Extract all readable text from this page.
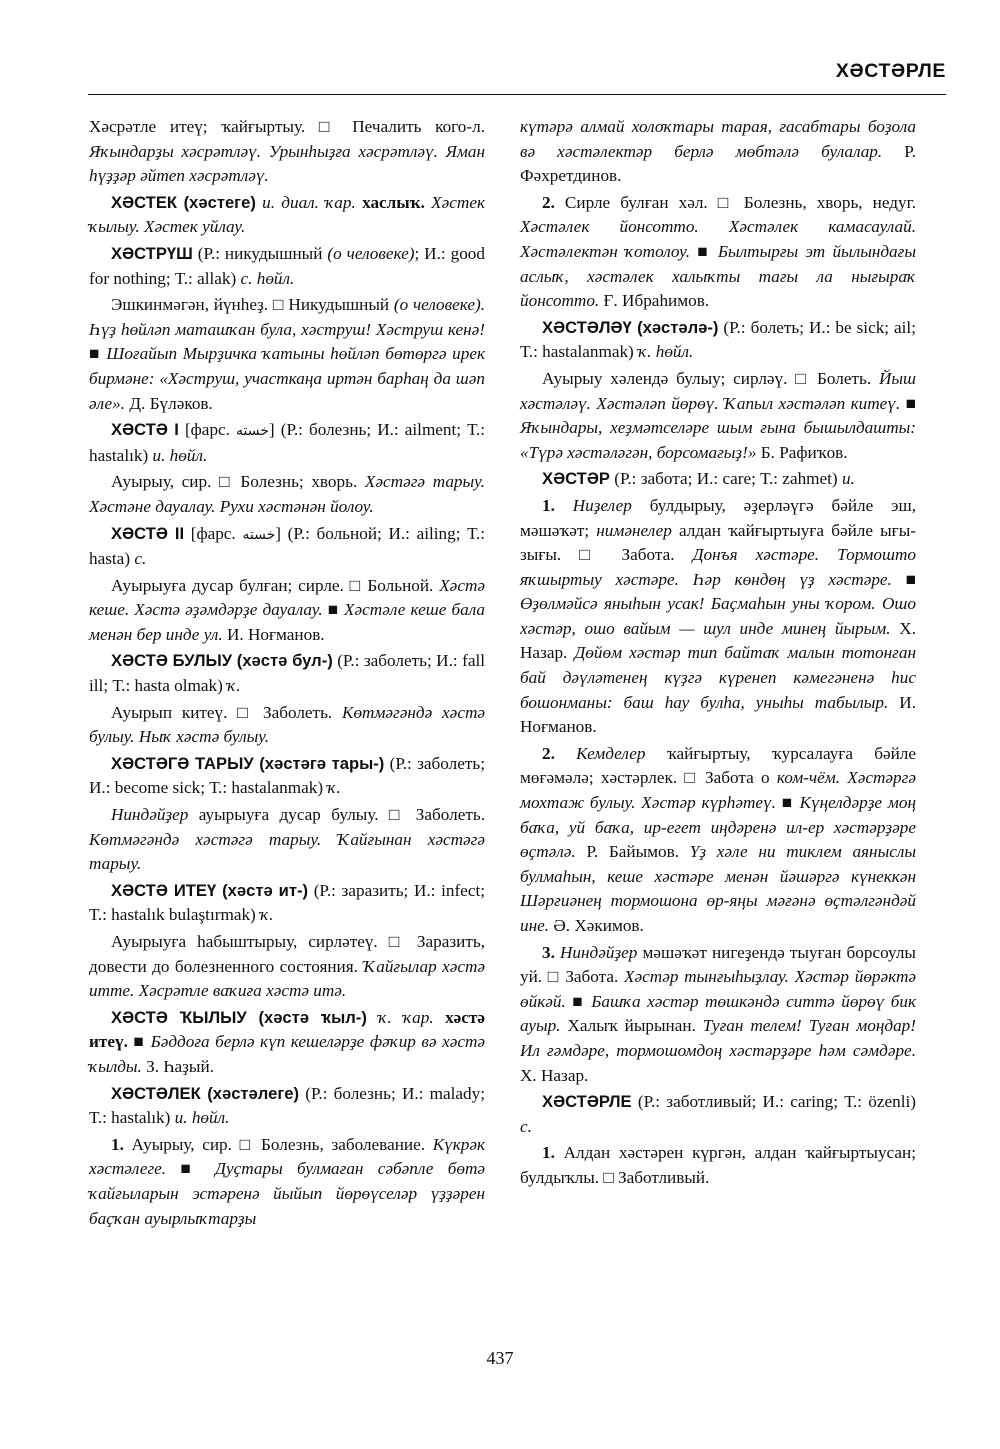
ХӘСТӘРЛЕ

Хәсрәтле итеү; ҡайғыртыу. □ Печалить кого-л. Яҡындарҙы хәсрәтләү. Урынһыҙға хәсрәтләү. Яман һүҙҙәр әйтеп хәсрәтләү.

ХӘСТЕК (хәстеге) и. диал. ҡар. хаслыҡ. Хәстек ҡылыу. Хәстек уйлау.

ХӘСТРҮШ (Р.: никудышный (о человеке); И.: good for nothing; Т.: allak) с. һөйл.

Эшкинмәгән, йүнһеҙ. □ Никудышный (о человеке). Һүҙ һөйләп маташҡан була, хәструш! Хәструш кенә! ■ Шоғайып Мырҙичка ҡатыны һөйләп бөтөргә ирек бирмәне: «Хәструш, участкаңа иртән барһаң да шәп әле». Д. Бүләков.

ХӘСТӘ I [фарс. خسته] (Р.: болезнь; И.: ailment; Т.: hastalık) и. һөйл.

Ауырыу, сир. □ Болезнь; хворь. Хәстәгә тарыу. Хәстәне дауалау. Рухи хәстәнән йолоу.

ХӘСТӘ II [фарс. خسته] (Р.: больной; И.: ailing; Т.: hasta) с.

Ауырыуға дусар булған; сирле. □ Больной. Хәстә кеше. Хәстә әҙәмдәрҙе дауалау. ■ Хәстәле кеше бала менән бер инде ул. И. Ноғманов.

ХӘСТӘ БУЛЫУ (хәстә бул-) (Р.: заболеть; И.: fall ill; Т.: hasta olmak) ҡ.

Ауырып китеү. □ Заболеть. Көтмәгәндә хәстә булыу. Ныҡ хәстә булыу.

ХӘСТӘГӘ ТАРЫУ (хәстәгә тары-) (Р.: заболеть; И.: become sick; Т.: hastalanmak) ҡ.

Ниндәйҙер ауырыуға дусар булыу. □ Заболеть. Көтмәгәндә хәстәгә тарыу. Ҡайғынан хәстәгә тарыу.

ХӘСТӘ ИТЕҮ (хәстә ит-) (Р.: заразить; И.: infect; Т.: hastalık bulaştırmak) ҡ.

Ауырыуға һабыштырыу, сирләтеү. □ Заразить, довести до болезненного состояния. Ҡайғылар хәстә итте. Хәсрәтле ваҡиға хәстә итә.

ХӘСТӘ ҠЫЛЫУ (хәстә ҡыл-) ҡ. ҡар. хәстә итеү. ■ Бәддоға берлә күп кешеләрҙе фәҡир вә хәстә ҡылды. З. Һаҙый.

ХӘСТӘЛЕК (хәстәлеге) (Р.: болезнь; И.: malady; Т.: hastalık) и. һөйл.

1. Ауырыу, сир. □ Болезнь, заболевание. Күкрәк хәстәлеге. ■ Дуҫтары булмаған сәбәпле бөтә ҡайғыларын эстәренә йыйып йөрөүселәр үҙҙәрен баҫҡан ауырлыҡтарҙы

күтәрә алмай холоҡтары тарая, ғасабтары боҙола вә хәстәлектәр берлә мөбтәлә булалар. Р. Фәхретдинов.

2. Сирле булған хәл. □ Болезнь, хворь, недуг. Хәстәлек йонсотто. Хәстәлек камасаулай. Хәстәлектән ҡотолоу. ■ Былтырғы эт йылындағы аслыҡ, хәстәлек халыҡты тағы ла нығыраҡ йонсотто. Ғ. Ибраһимов.

ХӘСТӘЛӘҮ (хәстәлә-) (Р.: болеть; И.: be sick; ail; Т.: hastalanmak) ҡ. һөйл.

Ауырыу хәлендә булыу; сирләү. □ Болеть. Йыш хәстәләү. Хәстәләп йөрөү. Ҡапыл хәстәләп китеү. ■ Яҡындары, хеҙмәтселәре шым ғына бышылдашты: «Түрә хәстәләгән, борсомағыҙ!» Б. Рафиҡов.

ХӘСТӘР (Р.: забота; И.: care; Т.: zahmet) и.

1. Ниҙелер булдырыу, әҙерләүгә бәйле эш, мәшәҡәт; нимәнелер алдан ҡайғыртыуға бәйле ығы-зығы. □ Забота. Донъя хәстәре. Тормошто яҡшыртыу хәстәре. Һәр көндөң үҙ хәстәре. ■ Өҙөлмәйсә яныһын усак! Баҫмаһын уны ҡором. Ошо хәстәр, ошо вайым — шул инде минең йырым. Х. Назар. Дөйөм хәстәр тип байтаҡ малын тотонған бай дәүләтенең күҙгә күренеп кәмегәненә һис бошонманы: баш һау булһа, уныһы табылыр. И. Ноғманов.

2. Кемделер ҡайғыртыу, ҡурсалауға бәйле мөғәмәлә; хәстәрлек. □ Забота о ком-чём. Хәстәргә мохтаж булыу. Хәстәр күрһәтеү. ■ Күңелдәрҙе моң баҡа, уй баҡа, ир-егет иңдәренә ил-ер хәстәрҙәре өҫтәлә. Р. Байымов. Үҙ хәле ни тиклем аяныслы булмаһын, кеше хәстәре менән йәшәргә күнеккән Шәрғиәнең тормошона өр-яңы мәғәнә өҫтәлгәндәй ине. Ә. Хәкимов.

3. Ниндәйҙер мәшәҡәт нигеҙендә тыуған борсоулы уй. □ Забота. Хәстәр тынғыһыҙлау. Хәстәр йөрәктә өйкәй. ■ Башҡа хәстәр төшкәндә ситтә йөрөү бик ауыр. Халыҡ йырынан. Туған телем! Туған моңдар! Ил ғәмдәре, тормошомдоң хәстәрҙәре һәм сәмдәре. Х. Назар.

ХӘСТӘРЛЕ (Р.: заботливый; И.: caring; Т.: özenli) с.

1. Алдан хәстәрен күргән, алдан ҡайғыртыусан; булдыҡлы. □ Заботливый.

437
